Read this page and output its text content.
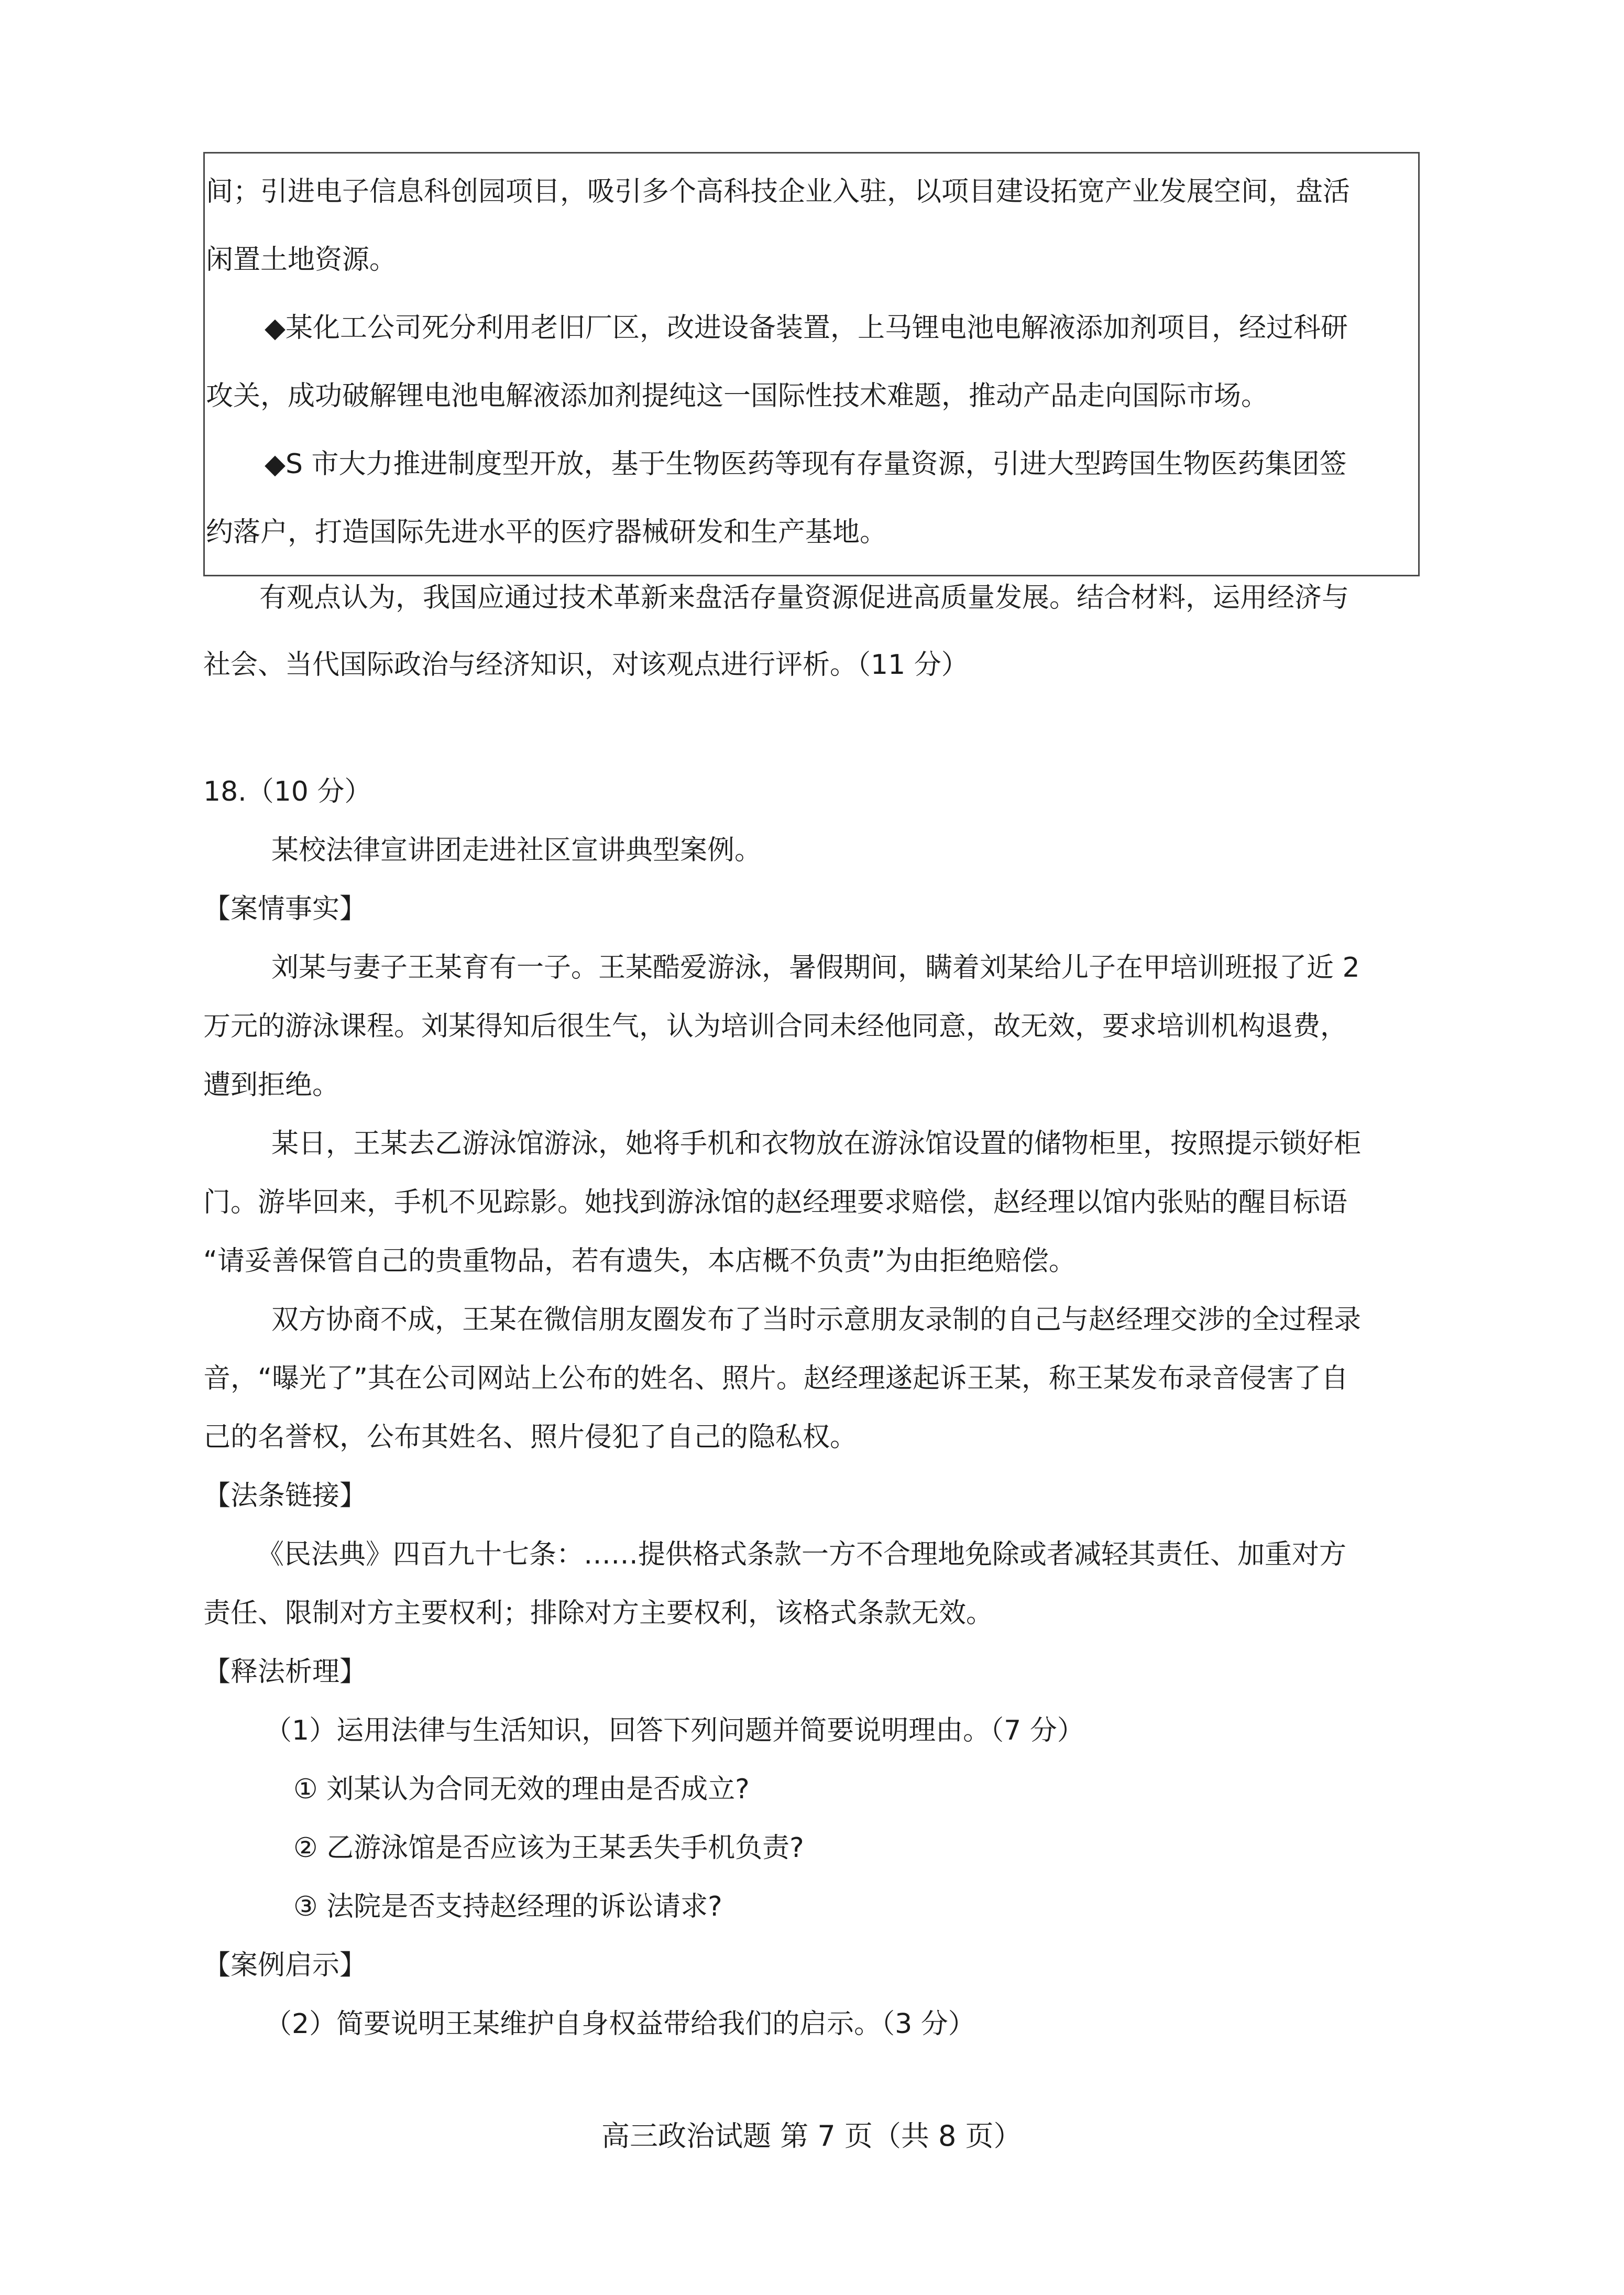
间；引进电子信息科创园项目，吸引多个高科技企业入驻，以项目建设拓宽产业发展空间，盘活
闲置土地资源。
◆某化工公司死分利用老旧厂区，改进设备装置，上马锂电池电解液添加剂项目，经过科研
攻关，成功破解锂电池电解液添加剂提纯这一国际性技术难题，推动产品走向国际市场。
◆S 市大力推进制度型开放，基于生物医药等现有存量资源，引进大型跨国生物医药集团签
约落户，打造国际先进水平的医疗器械研发和生产基地。
有观点认为，我国应通过技术革新来盘活存量资源促进高质量发展。结合材料，运用经济与
社会、当代国际政治与经济知识，对该观点进行评析。（11 分）
18.（10 分）
某校法律宣讲团走进社区宣讲典型案例。
【案情事实】
刘某与妻子王某育有一子。王某酷爱游泳，暑假期间，瞒着刘某给儿子在甲培训班报了近 2
万元的游泳课程。刘某得知后很生气，认为培训合同未经他同意，故无效，要求培训机构退费，
遭到拒绝。
某日，王某去乙游泳馆游泳，她将手机和衣物放在游泳馆设置的储物柜里，按照提示锁好柜
门。游毕回来，手机不见踪影。她找到游泳馆的赵经理要求赔偿，赵经理以馆内张贴的醒目标语
“请妥善保管自己的贵重物品，若有遗失，本店概不负责”为由拒绝赔偿。
双方协商不成，王某在微信朋友圈发布了当时示意朋友录制的自己与赵经理交涉的全过程录
音，“曝光了”其在公司网站上公布的姓名、照片。赵经理遂起诉王某，称王某发布录音侵害了自
己的名誉权，公布其姓名、照片侵犯了自己的隐私权。
【法条链接】
《民法典》四百九十七条：……提供格式条款一方不合理地免除或者减轻其责任、加重对方
责任、限制对方主要权利；排除对方主要权利，该格式条款无效。
【释法析理】
（1）运用法律与生活知识，回答下列问题并简要说明理由。（7 分）
① 刘某认为合同无效的理由是否成立?
② 乙游泳馆是否应该为王某丢失手机负责?
③ 法院是否支持赵经理的诉讼请求?
【案例启示】
（2）简要说明王某维护自身权益带给我们的启示。（3 分）
高三政治试题 第 7 页（共 8 页）
